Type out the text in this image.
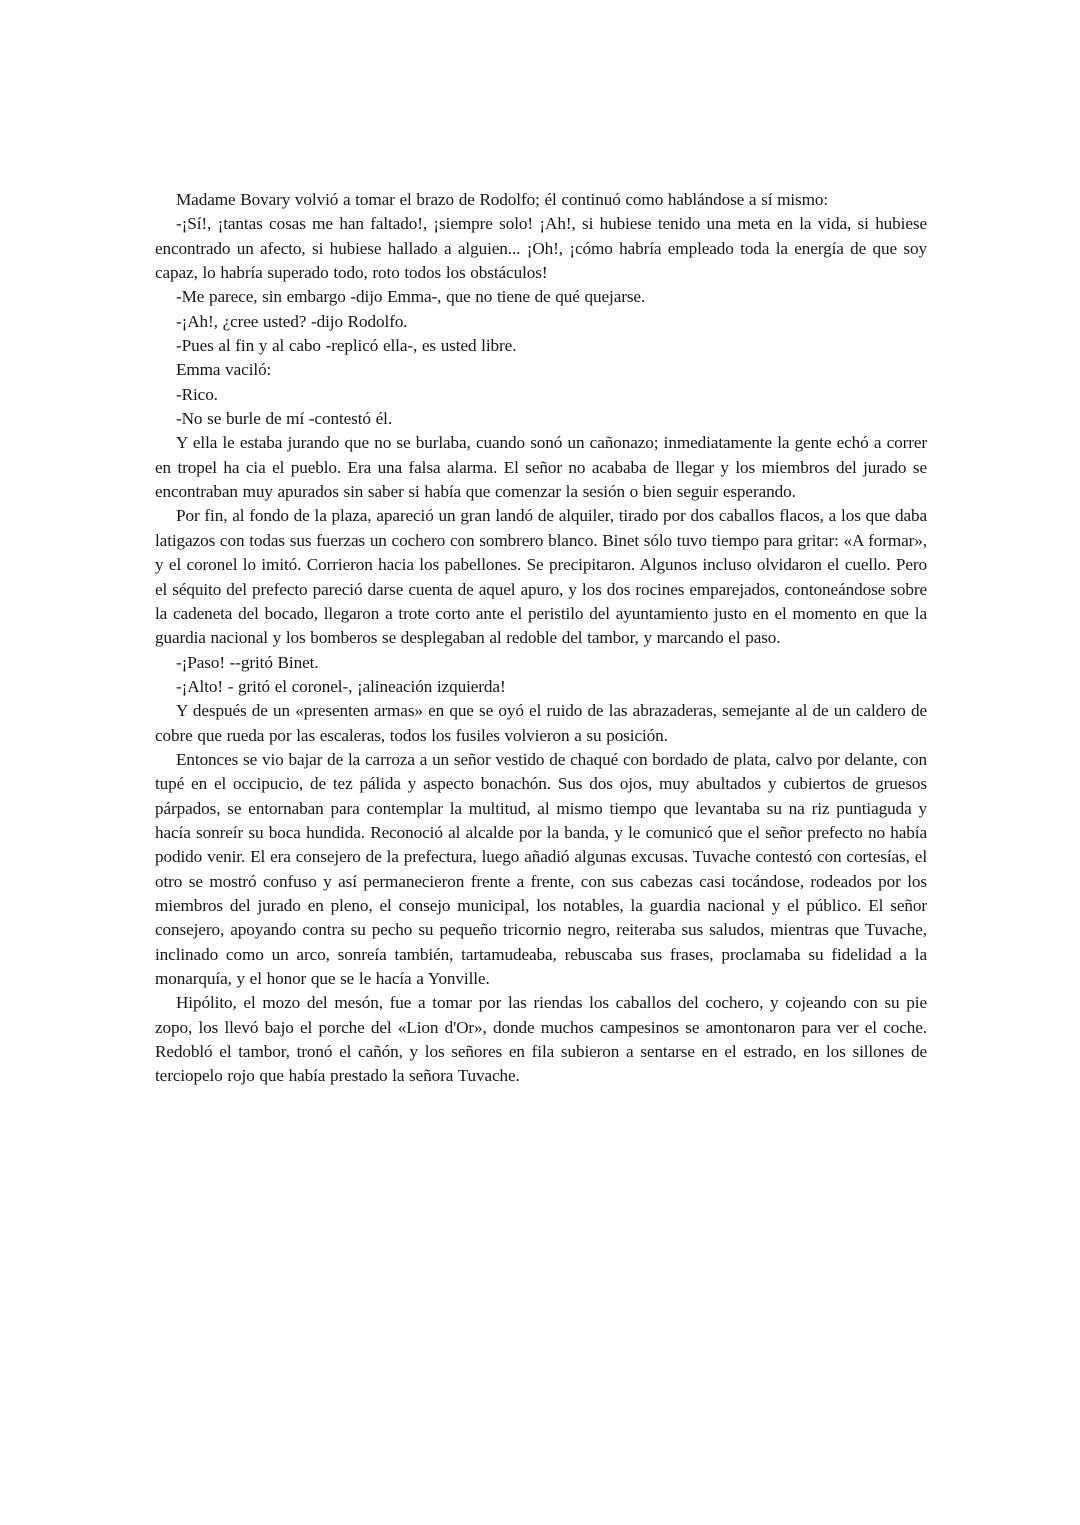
Madame Bovary volvió a tomar el brazo de Rodolfo; él continuó como hablándose a sí mismo:

-¡Sí!, ¡tantas cosas me han faltado!, ¡siempre solo! ¡Ah!, si hubiese tenido una meta en la vida, si hubiese encontrado un afecto, si hubiese hallado a alguien... ¡Oh!, ¡cómo habría empleado toda la energía de que soy capaz, lo habría superado todo, roto todos los obstáculos!

-Me parece, sin embargo -dijo Emma-, que no tiene de qué quejarse.

-¡Ah!, ¿cree usted? -dijo Rodolfo.

-Pues al fin y al cabo -replicó ella-, es usted libre.

Emma vaciló:

-Rico.

-No se burle de mí -contestó él.

Y ella le estaba jurando que no se burlaba, cuando sonó un cañonazo; inmediatamente la gente echó a correr en tropel ha cia el pueblo. Era una falsa alarma. El señor no acababa de llegar y los miembros del jurado se encontraban muy apurados sin saber si había que comenzar la sesión o bien seguir esperando.

Por fin, al fondo de la plaza, apareció un gran landó de alquiler, tirado por dos caballos flacos, a los que daba latigazos con todas sus fuerzas un cochero con sombrero blanco. Binet sólo tuvo tiempo para gritar: «A formar», y el coronel lo imitó. Corrieron hacia los pabellones. Se precipitaron. Algunos incluso olvidaron el cuello. Pero el séquito del prefecto pareció darse cuenta de aquel apuro, y los dos rocines emparejados, contoneándose sobre la cadeneta del bocado, llegaron a trote corto ante el peristilo del ayuntamiento justo en el momento en que la guardia nacional y los bomberos se desplegaban al redoble del tambor, y marcando el paso.

-¡Paso! --gritó Binet.

-¡Alto! - gritó el coronel-, ¡alineación izquierda!

Y después de un «presenten armas» en que se oyó el ruido de las abrazaderas, semejante al de un caldero de cobre que rueda por las escaleras, todos los fusiles volvieron a su posición.

Entonces se vio bajar de la carroza a un señor vestido de chaqué con bordado de plata, calvo por delante, con tupé en el occipucio, de tez pálida y aspecto bonachón. Sus dos ojos, muy abultados y cubiertos de gruesos párpados, se entornaban para contemplar la multitud, al mismo tiempo que levantaba su na riz puntiaguda y hacía sonreír su boca hundida. Reconoció al alcalde por la banda, y le comunicó que el señor prefecto no había podido venir. El era consejero de la prefectura, luego añadió algunas excusas. Tuvache contestó con cortesías, el otro se mostró confuso y así permanecieron frente a frente, con sus cabezas casi tocándose, rodeados por los miembros del jurado en pleno, el consejo municipal, los notables, la guardia nacional y el público. El señor consejero, apoyando contra su pecho su pequeño tricornio negro, reiteraba sus saludos, mientras que Tuvache, inclinado como un arco, sonreía también, tartamudeaba, rebuscaba sus frases, proclamaba su fidelidad a la monarquía, y el honor que se le hacía a Yonville.

Hipólito, el mozo del mesón, fue a tomar por las riendas los caballos del cochero, y cojeando con su pie zopo, los llevó bajo el porche del «Lion d'Or», donde muchos campesinos se amontonaron para ver el coche. Redobló el tambor, tronó el cañón, y los señores en fila subieron a sentarse en el estrado, en los sillones de terciopelo rojo que había prestado la señora Tuvache.
